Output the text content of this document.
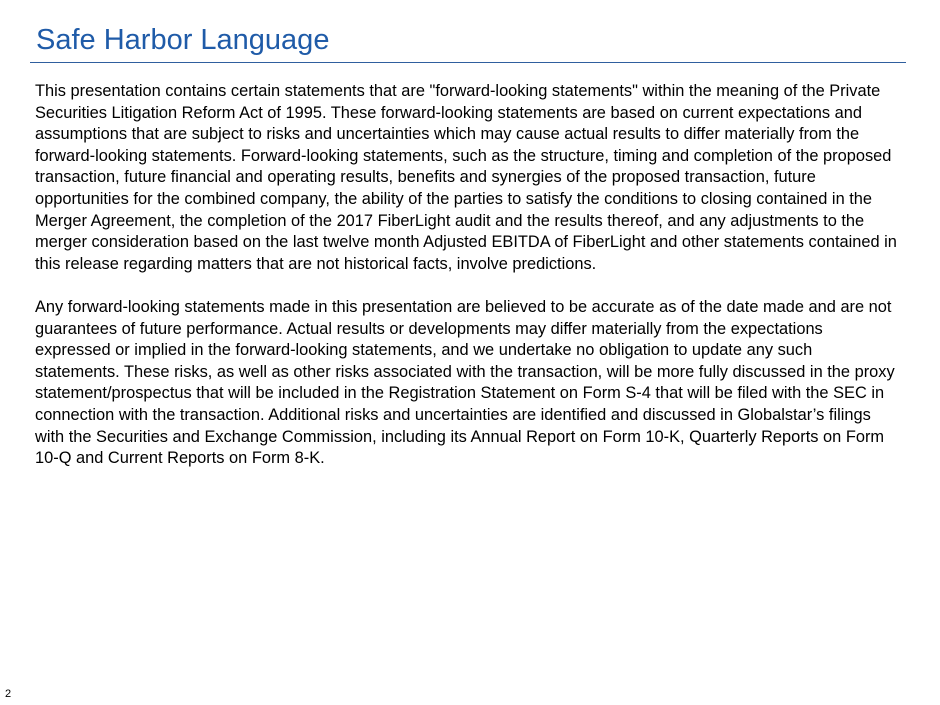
Safe Harbor Language

This presentation contains certain statements that are "forward-looking statements" within the meaning of the Private Securities Litigation Reform Act of 1995. These forward-looking statements are based on current expectations and assumptions that are subject to risks and uncertainties which may cause actual results to differ materially from the forward-looking statements. Forward-looking statements, such as the structure, timing and completion of the proposed transaction, future financial and operating results, benefits and synergies of the proposed transaction, future opportunities for the combined company, the ability of the parties to satisfy the conditions to closing contained in the Merger Agreement, the completion of the 2017 FiberLight audit and the results thereof, and any adjustments to the merger consideration based on the last twelve month Adjusted EBITDA of FiberLight and other statements contained in this release regarding matters that are not historical facts, involve predictions.

Any forward-looking statements made in this presentation are believed to be accurate as of the date made and are not guarantees of future performance. Actual results or developments may differ materially from the expectations expressed or implied in the forward-looking statements, and we undertake no obligation to update any such statements. These risks, as well as other risks associated with the transaction, will be more fully discussed in the proxy statement/prospectus that will be included in the Registration Statement on Form S-4 that will be filed with the SEC in connection with the transaction. Additional risks and uncertainties are identified and discussed in Globalstar’s filings with the Securities and Exchange Commission, including its Annual Report on Form 10-K, Quarterly Reports on Form 10-Q and Current Reports on Form 8-K.

2
